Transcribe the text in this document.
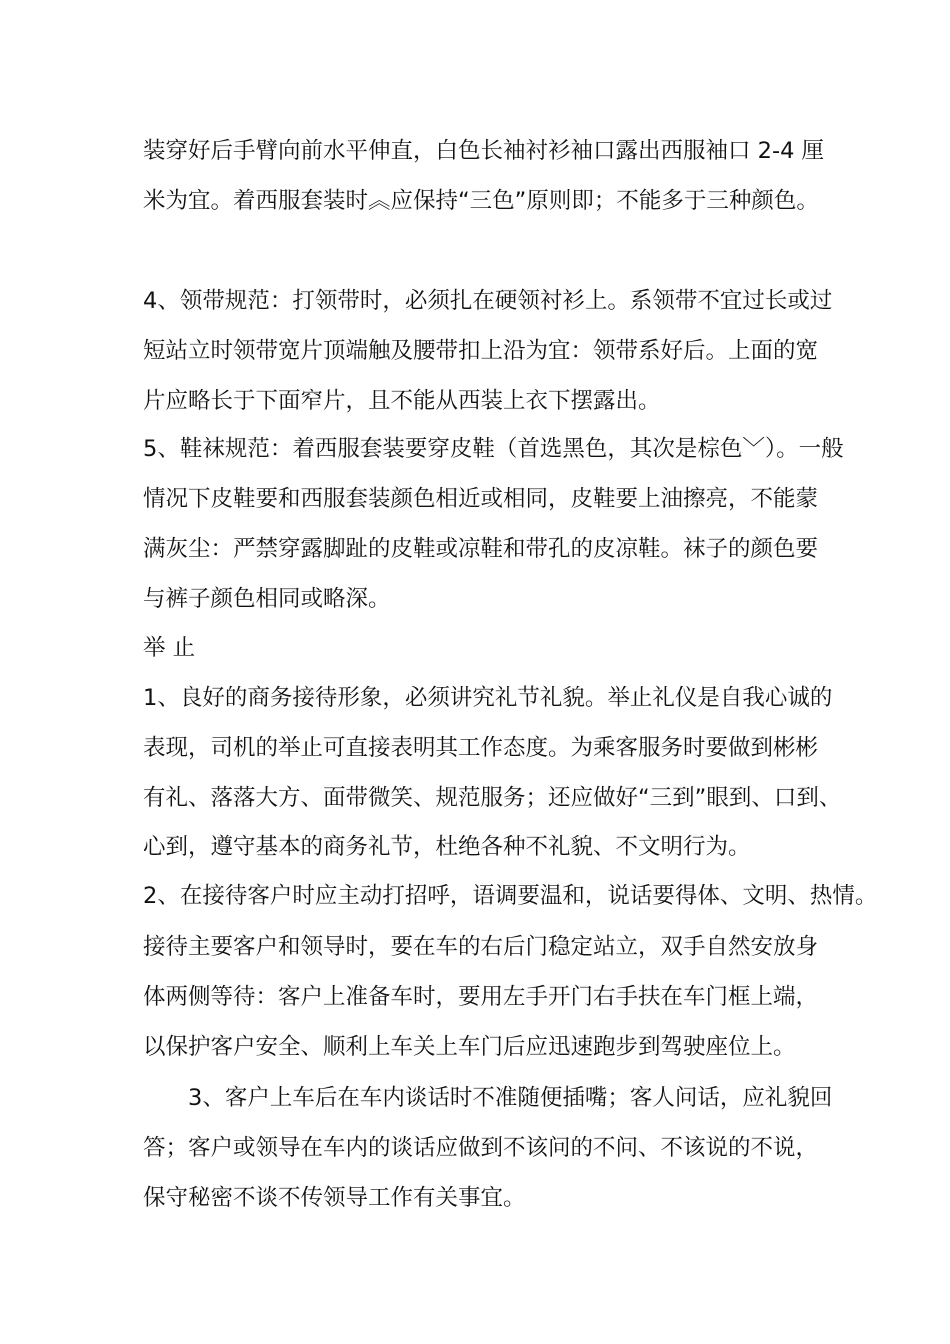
装穿好后手臂向前水平伸直，白色长袖衬衫袖口露出西服袖口 2-4 厘
米为宜。着西服套装时︽应保持“三色”原则即；不能多于三种颜色。
4、领带规范：打领带时，必须扎在硬领衬衫上。系领带不宜过长或过
短站立时领带宽片顶端触及腰带扣上沿为宜：领带系好后。上面的宽
片应略长于下面窄片，且不能从西装上衣下摆露出。
5、鞋袜规范：着西服套装要穿皮鞋（首选黑色，其次是棕色﹀）。一般
情况下皮鞋要和西服套装颜色相近或相同，皮鞋要上油擦亮，不能蒙
满灰尘：严禁穿露脚趾的皮鞋或凉鞋和带孔的皮凉鞋。袜子的颜色要
与裤子颜色相同或略深。
举 止
1、良好的商务接待形象，必须讲究礼节礼貌。举止礼仪是自我心诚的
表现，司机的举止可直接表明其工作态度。为乘客服务时要做到彬彬
有礼、落落大方、面带微笑、规范服务；还应做好“三到”眼到、口到、
心到，遵守基本的商务礼节，杜绝各种不礼貌、不文明行为。
2、在接待客户时应主动打招呼，语调要温和，说话要得体、文明、热情。
接待主要客户和领导时，要在车的右后门稳定站立，双手自然安放身
体两侧等待：客户上准备车时，要用左手开门右手扶在车门框上端，
以保护客户安全、顺利上车关上车门后应迅速跑步到驾驶座位上。
3、客户上车后在车内谈话时不准随便插嘴；客人问话，应礼貌回
答；客户或领导在车内的谈话应做到不该问的不问、不该说的不说，
保守秘密不谈不传领导工作有关事宜。
